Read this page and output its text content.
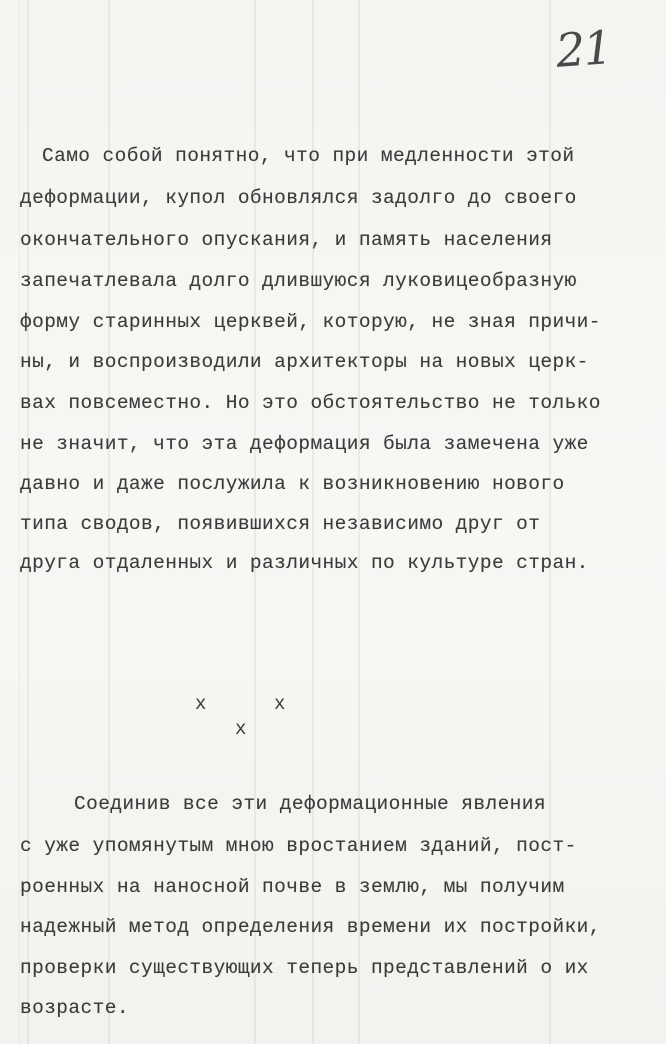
21
Само собой понятно, что при медленности этой
деформации, купол обновлялся задолго до своего
окончательного опускания, и память населения
запечатлевала долго длившуюся луковицеобразную
форму старинных церквей, которую, не зная причи-
ны, и воспроизводили архитекторы на новых церк-
вах повсеместно. Но это обстоятельство не только
не значит, что эта деформация была замечена уже
давно и даже послужила к возникновению нового
типа сводов, появившихся независимо друг от
друга отдаленных и различных по культуре стран.
x	x
x
Соединив все эти деформационные явления
с уже упомянутым мною вростанием зданий, пост-
роенных на наносной почве в землю, мы получим
надежный метод определения времени их постройки,
проверки существующих теперь представлений о их
возрасте.
